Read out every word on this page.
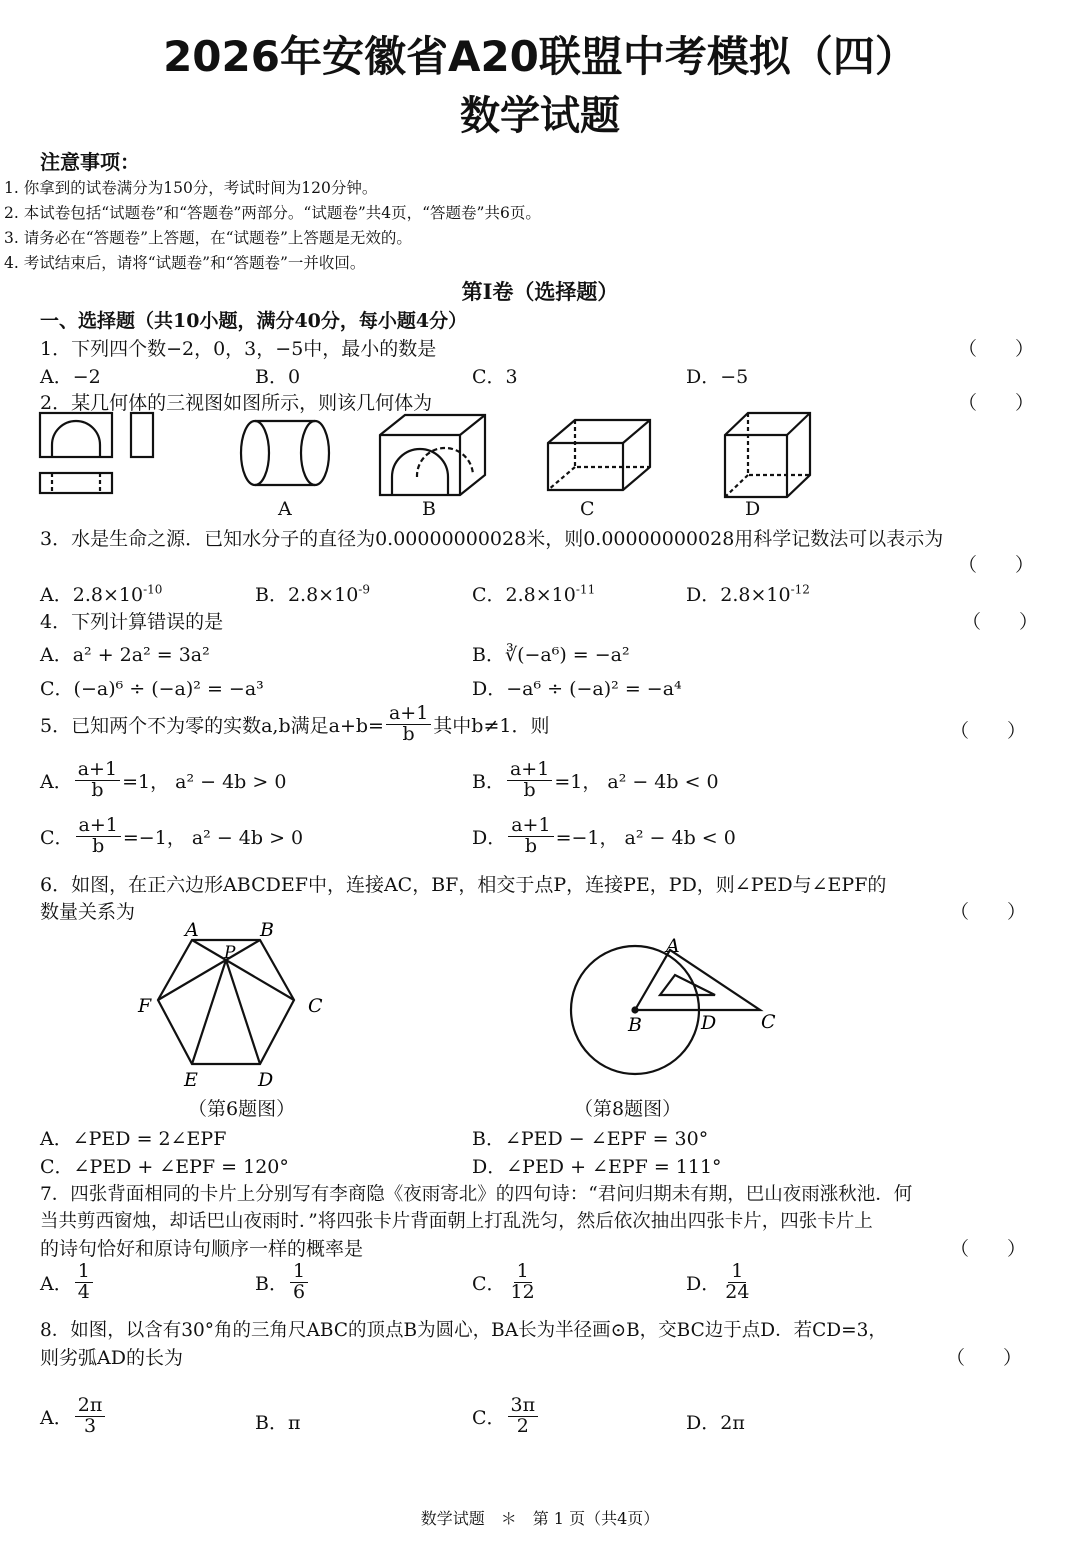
2026年安徽省A20联盟中考模拟（四）
数学试题
注意事项：
1. 你拿到的试卷满分为150分，考试时间为120分钟。
2. 本试卷包括“试题卷”和“答题卷”两部分。“试题卷”共4页，“答题卷”共6页。
3. 请务必在“答题卷”上答题，在“试题卷”上答题是无效的。
4. 考试结束后，请将“试题卷”和“答题卷”一并收回。
第Ⅰ卷（选择题）
一、选择题（共10小题，满分40分，每小题4分）
1．下列四个数−2，0，3，−5中，最小的数是	（　　）
A．−2	B．0	C．3	D．−5
2．某几何体的三视图如图所示，则该几何体为	（　　）
A	B	C	D
3．水是生命之源．已知水分子的直径为0.00000000028米，则0.00000000028用科学记数法可以表示为
（　　）
A．$2.8\times 10^{-10}$	B．$2.8\times 10^{-9}$	C．$2.8\times 10^{-11}$	D．$2.8\times 10^{-12}$
4．下列计算错误的是	（　　）
A．a² + 2a² = 3a²	B．∛(−a⁶) = −a²
C．(−a)⁶ ÷ (−a)² = −a³	D．−a⁶ ÷ (−a)² = −a⁴
5．已知两个不为零的实数a,b满足$a+b= \frac{a+1}{b}$ 其中b≠1．则	（　　）
A． $\frac{a+1}{b} =1$， a² − 4b > 0	B． $\frac{a+1}{b} =1$， a² − 4b < 0
C． $\frac{a+1}{b} =-1$， a² − 4b > 0	D． $\frac{a+1}{b} =-1$， a² − 4b < 0
6．如图，在正六边形ABCDEF中，连接AC，BF，相交于点P，连接PE，PD，则∠PED与∠EPF的
数量关系为	（　　）
A	B
C
D
E
F
P
（第6题图）
A
B	D C
（第8题图）
A．∠PED = 2∠EPF	B．∠PED − ∠EPF = 30°
C．∠PED + ∠EPF = 120°	D．∠PED + ∠EPF = 111°
7．四张背面相同的卡片上分别写有李商隐《夜雨寄北》的四句诗：“君问归期未有期，巴山夜雨涨秋池．何
当共剪西窗烛，却话巴山夜雨时．”将四张卡片背面朝上打乱洗匀，然后依次抽出四张卡片，四张卡片上
的诗句恰好和原诗句顺序一样的概率是	（　　）
A． $\frac{1}{4}$	B． $\frac{1}{6}$	C． $\frac{1}{12}$	D． $\frac{1}{24}$
8．如图，以含有30°角的三角尺ABC的顶点B为圆心，BA长为半径画⊙B，交BC边于点D．若CD=3，
则劣弧AD的长为	（　　）
A． $\frac{2\pi}{3}$	B．π	C． $\frac{3\pi}{2}$	D．2π
数学试题　＊　第 1 页（共4页）
